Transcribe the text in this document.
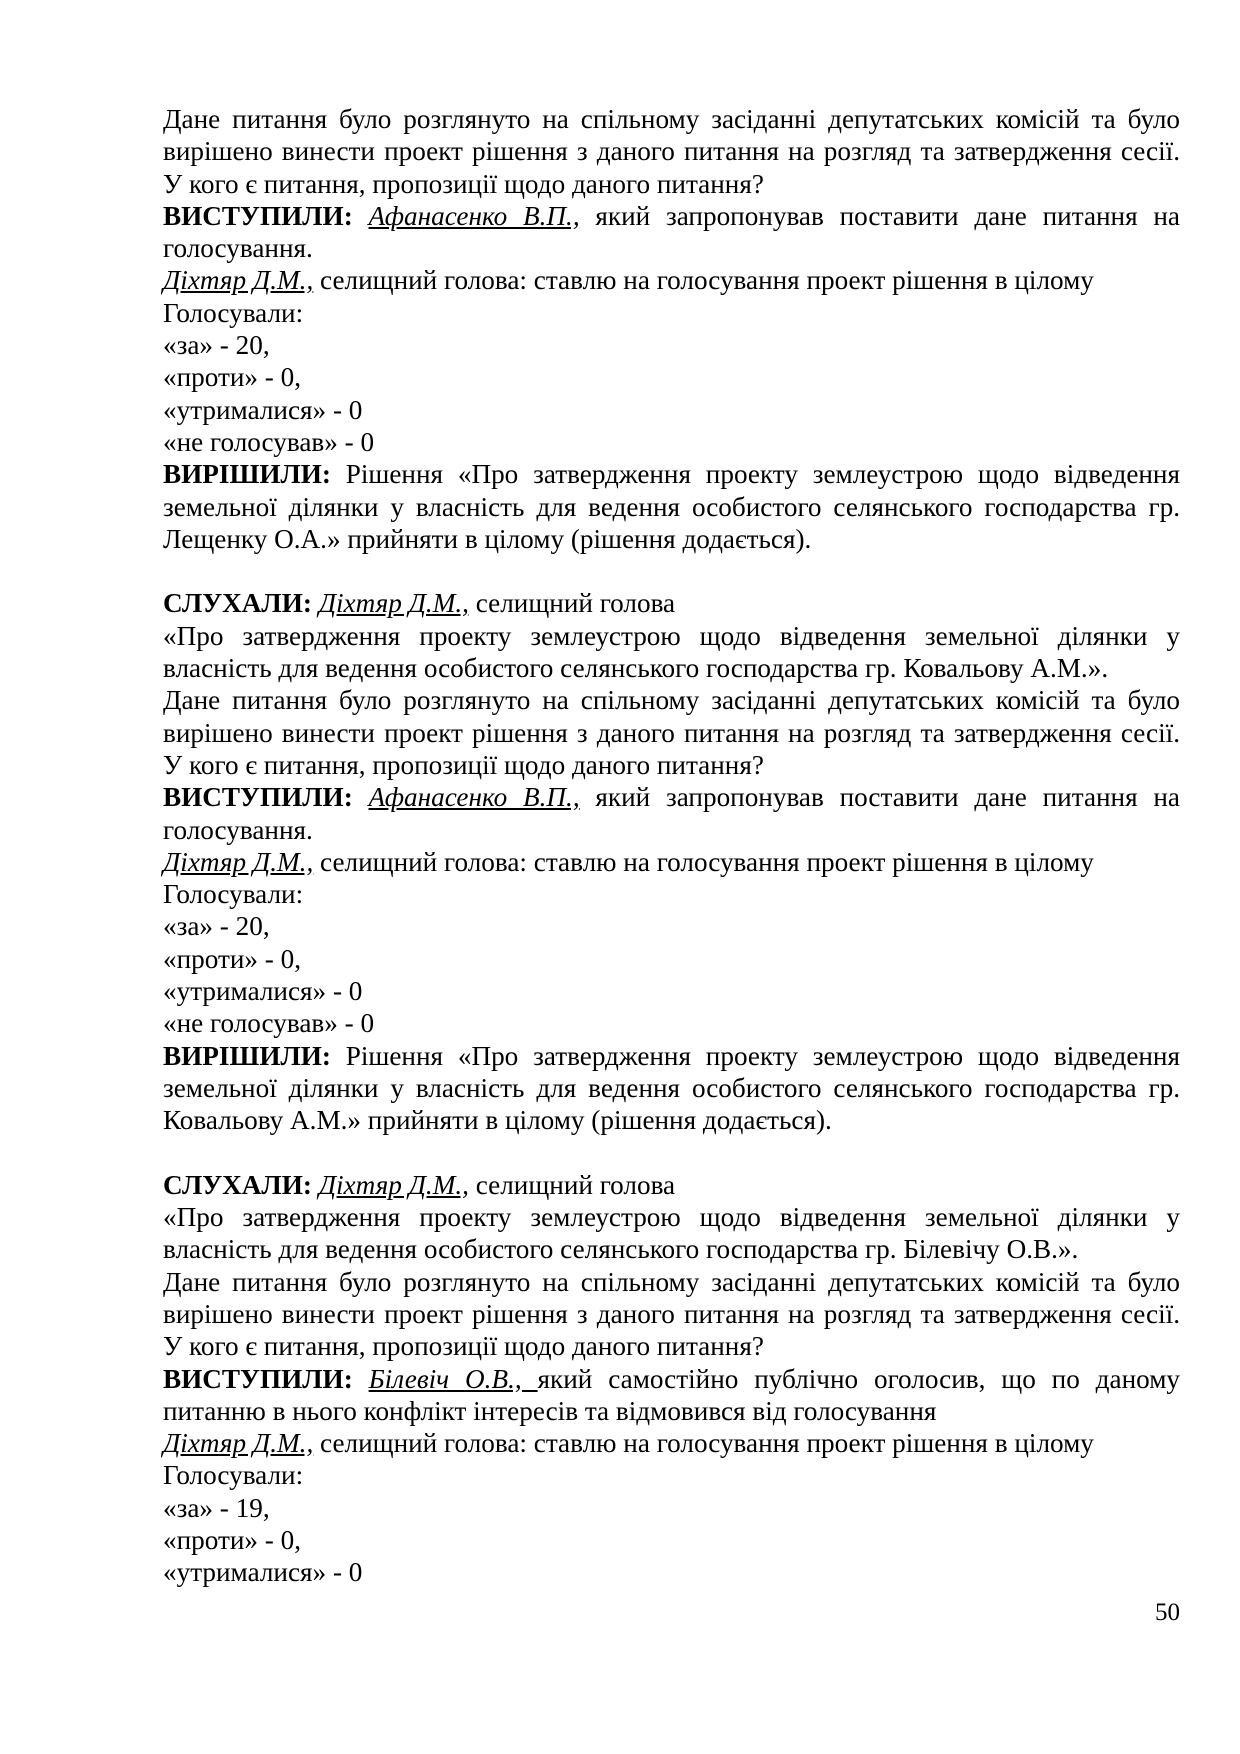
Дане питання було розглянуто на спільному засіданні депутатських комісій та було вирішено винести проект рішення з даного питання на розгляд та затвердження сесії. У кого є питання, пропозиції щодо даного питання?

ВИСТУПИЛИ: Афанасенко В.П., який запропонував поставити дане питання на голосування.

Діхтяр Д.М., селищний голова: ставлю на голосування проект рішення в цілому

Голосували:

«за» - 20,

«проти» - 0,

«утрималися» - 0

«не голосував» - 0

ВИРІШИЛИ: Рішення «Про затвердження проекту землеустрою щодо відведення земельної ділянки у власність для ведення особистого селянського господарства гр. Лещенку О.А.» прийняти в цілому (рішення додається).

СЛУХАЛИ: Діхтяр Д.М., селищний голова

«Про затвердження проекту землеустрою щодо відведення земельної ділянки у власність для ведення особистого селянського господарства гр. Ковальову А.М.».

Дане питання було розглянуто на спільному засіданні депутатських комісій та було вирішено винести проект рішення з даного питання на розгляд та затвердження сесії. У кого є питання, пропозиції щодо даного питання?

ВИСТУПИЛИ: Афанасенко В.П., який запропонував поставити дане питання на голосування.

Діхтяр Д.М., селищний голова: ставлю на голосування проект рішення в цілому

Голосували:

«за» - 20,

«проти» - 0,

«утрималися» - 0

«не голосував» - 0

ВИРІШИЛИ: Рішення «Про затвердження проекту землеустрою щодо відведення земельної ділянки у власність для ведення особистого селянського господарства гр. Ковальову А.М.» прийняти в цілому (рішення додається).

СЛУХАЛИ: Діхтяр Д.М., селищний голова

«Про затвердження проекту землеустрою щодо відведення земельної ділянки у власність для ведення особистого селянського господарства гр. Білевічу О.В.».

Дане питання було розглянуто на спільному засіданні депутатських комісій та було вирішено винести проект рішення з даного питання на розгляд та затвердження сесії. У кого є питання, пропозиції щодо даного питання?

ВИСТУПИЛИ: Білевіч О.В., який самостійно публічно оголосив, що по даному питанню в нього конфлікт інтересів та відмовився від голосування

Діхтяр Д.М., селищний голова: ставлю на голосування проект рішення в цілому

Голосували:

«за» - 19,

«проти» - 0,

«утрималися» - 0

50
